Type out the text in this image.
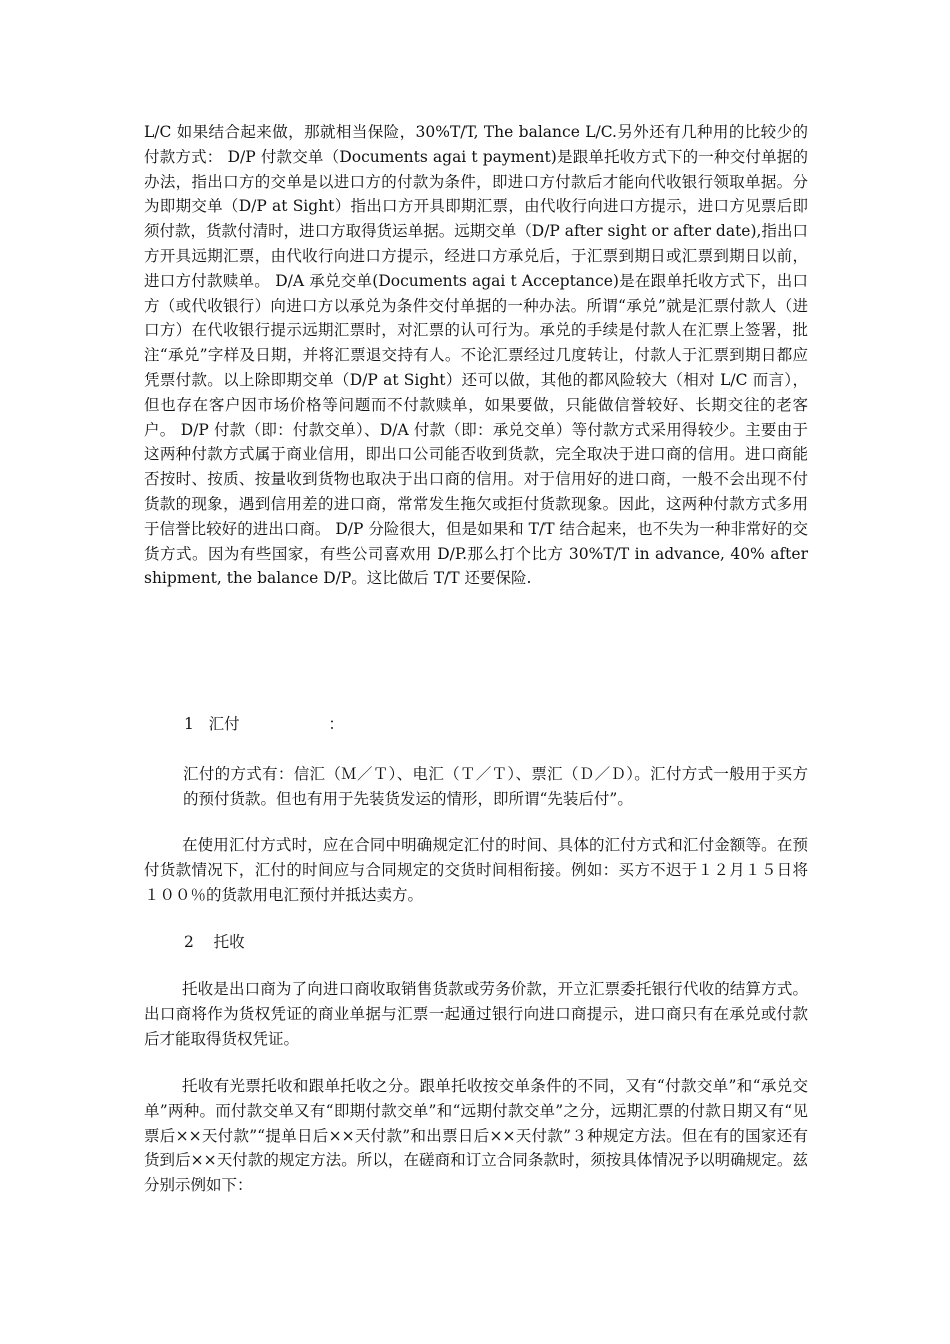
L/C 如果结合起来做，那就相当保险，30%T/T, The balance L/C.另外还有几种用的比较少的付款方式： D/P 付款交单（Documents agai t payment)是跟单托收方式下的一种交付单据的办法，指出口方的交单是以进口方的付款为条件，即进口方付款后才能向代收银行领取单据。分为即期交单（D/P at Sight）指出口方开具即期汇票，由代收行向进口方提示，进口方见票后即须付款，货款付清时，进口方取得货运单据。远期交单（D/P after sight or after date),指出口方开具远期汇票，由代收行向进口方提示，经进口方承兑后，于汇票到期日或汇票到期日以前，进口方付款赎单。 D/A 承兑交单(Documents agai t Acceptance)是在跟单托收方式下，出口方（或代收银行）向进口方以承兑为条件交付单据的一种办法。所谓“承兑”就是汇票付款人（进口方）在代收银行提示远期汇票时，对汇票的认可行为。承兑的手续是付款人在汇票上签署，批注“承兑”字样及日期，并将汇票退交持有人。不论汇票经过几度转让，付款人于汇票到期日都应凭票付款。以上除即期交单（D/P at Sight）还可以做，其他的都风险较大（相对 L/C 而言），但也存在客户因市场价格等问题而不付款赎单，如果要做，只能做信誉较好、长期交往的老客户。 D/P 付款（即：付款交单）、D/A 付款（即：承兑交单）等付款方式采用得较少。主要由于这两种付款方式属于商业信用，即出口公司能否收到货款，完全取决于进口商的信用。进口商能否按时、按质、按量收到货物也取决于出口商的信用。对于信用好的进口商，一般不会出现不付货款的现象，遇到信用差的进口商，常常发生拖欠或拒付货款现象。因此，这两种付款方式多用于信誉比较好的进出口商。 D/P 分险很大，但是如果和 T/T 结合起来，也不失为一种非常好的交货方式。因为有些国家，有些公司喜欢用 D/P.那么打个比方 30%T/T in advance, 40% after shipment, the balance D/P。这比做后 T/T 还要保险.

1   汇付                  ：

汇付的方式有：信汇（Ｍ／Ｔ）、电汇（Ｔ／Ｔ）、票汇（Ｄ／Ｄ）。汇付方式一般用于买方的预付货款。但也有用于先装货发运的情形，即所谓“先装后付”。

在使用汇付方式时，应在合同中明确规定汇付的时间、具体的汇付方式和汇付金额等。在预付货款情况下，汇付的时间应与合同规定的交货时间相衔接。例如：买方不迟于１２月１５日将１００％的货款用电汇预付并抵达卖方。

2    托收

托收是出口商为了向进口商收取销售货款或劳务价款，开立汇票委托银行代收的结算方式。出口商将作为货权凭证的商业单据与汇票一起通过银行向进口商提示，进口商只有在承兑或付款后才能取得货权凭证。

托收有光票托收和跟单托收之分。跟单托收按交单条件的不同，又有“付款交单”和“承兑交单”两种。而付款交单又有“即期付款交单”和“远期付款交单”之分，远期汇票的付款日期又有“见票后××天付款”“提单日后××天付款”和出票日后××天付款”３种规定方法。但在有的国家还有货到后××天付款的规定方法。所以，在磋商和订立合同条款时，须按具体情况予以明确规定。兹分别示例如下：
